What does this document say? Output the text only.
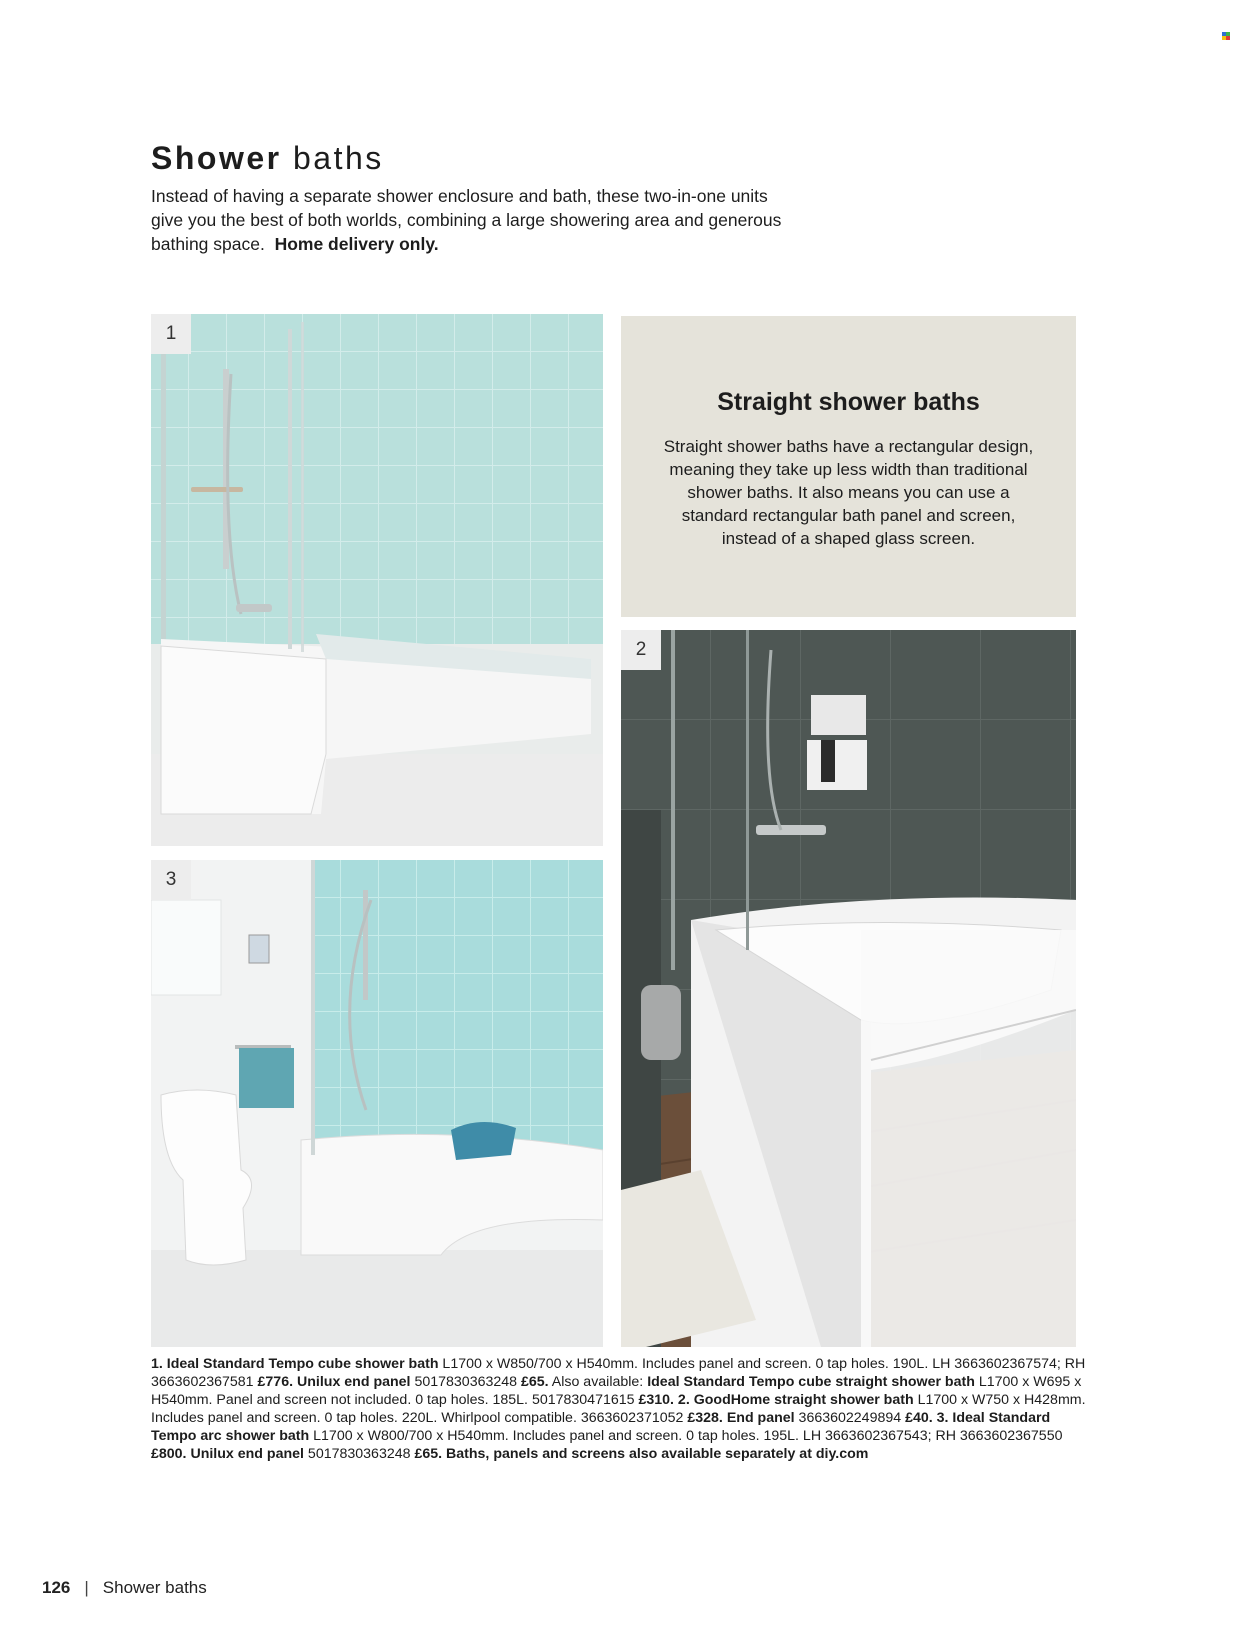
Shower baths

Instead of having a separate shower enclosure and bath, these two-in-one units give you the best of both worlds, combining a large showering area and generous bathing space. Home delivery only.

1
3
Straight shower baths

Straight shower baths have a rectangular design, meaning they take up less width than traditional shower baths. It also means you can use a standard rectangular bath panel and screen, instead of a shaped glass screen.

2

1. Ideal Standard Tempo cube shower bath L1700 x W850/700 x H540mm. Includes panel and screen. 0 tap holes. 190L. LH 3663602367574; RH 3663602367581 £776. Unilux end panel 5017830363248 £65. Also available: Ideal Standard Tempo cube straight shower bath L1700 x W695 x H540mm. Panel and screen not included. 0 tap holes. 185L. 5017830471615 £310. 2. GoodHome straight shower bath L1700 x W750 x H428mm. Includes panel and screen. 0 tap holes. 220L. Whirlpool compatible. 3663602371052 £328. End panel 3663602249894 £40. 3. Ideal Standard Tempo arc shower bath L1700 x W800/700 x H540mm. Includes panel and screen. 0 tap holes. 195L. LH 3663602367543; RH 3663602367550 £800. Unilux end panel 5017830363248 £65. Baths, panels and screens also available separately at diy.com

126 | Shower baths
